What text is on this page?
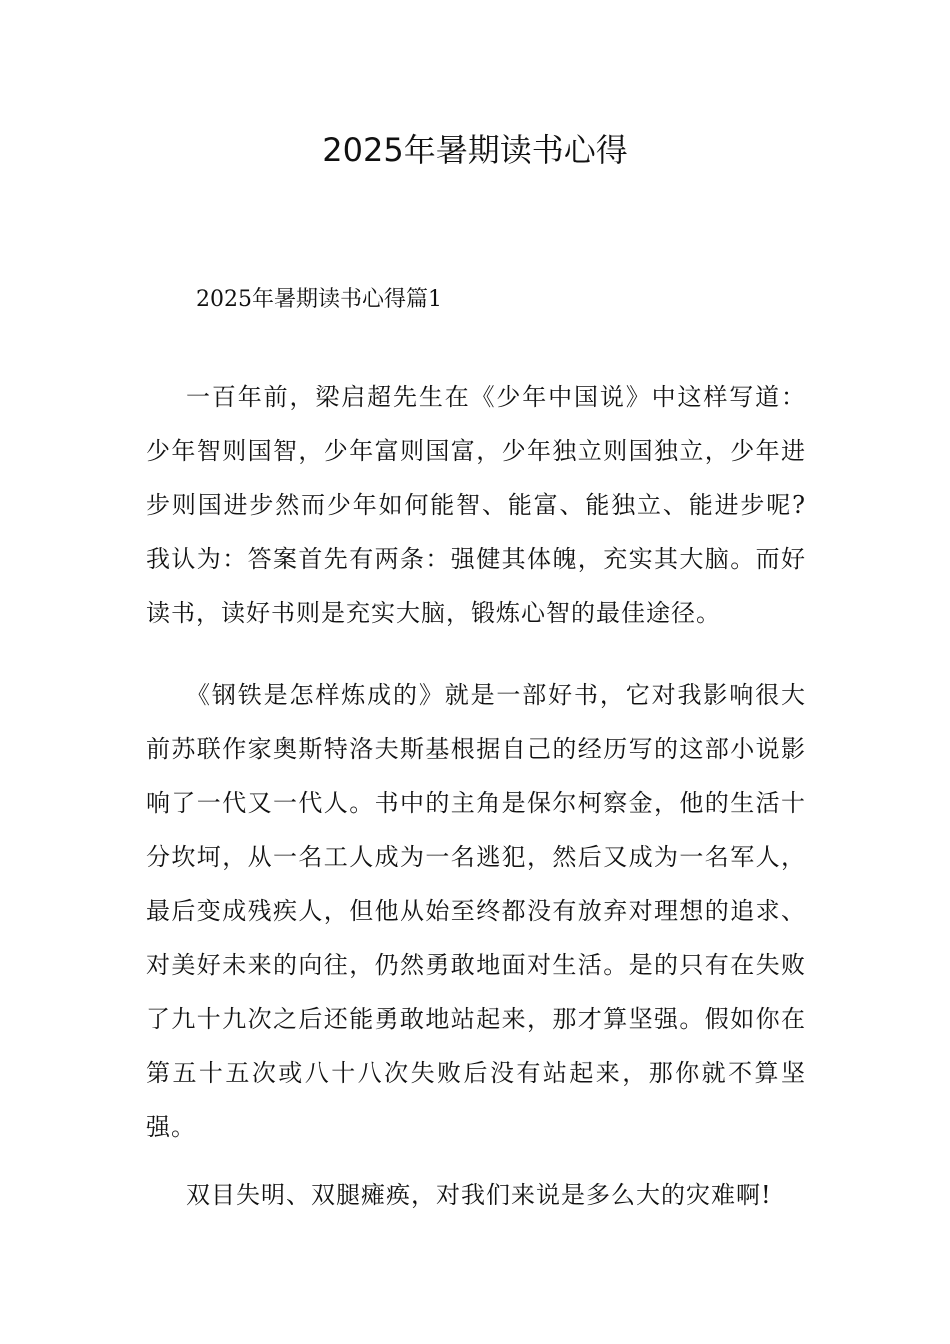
2025年暑期读书心得
2025年暑期读书心得篇1

一百年前，梁启超先生在《少年中国说》中这样写道：少年智则国智，少年富则国富，少年独立则国独立，少年进步则国进步然而少年如何能智、能富、能独立、能进步呢?我认为：答案首先有两条：强健其体魄，充实其大脑。而好读书，读好书则是充实大脑，锻炼心智的最佳途径。

《钢铁是怎样炼成的》就是一部好书，它对我影响很大前苏联作家奥斯特洛夫斯基根据自己的经历写的这部小说影响了一代又一代人。书中的主角是保尔柯察金，他的生活十分坎坷，从一名工人成为一名逃犯，然后又成为一名军人，最后变成残疾人，但他从始至终都没有放弃对理想的追求、对美好未来的向往，仍然勇敢地面对生活。是的只有在失败了九十九次之后还能勇敢地站起来，那才算坚强。假如你在第五十五次或八十八次失败后没有站起来，那你就不算坚强。

双目失明、双腿瘫痪，对我们来说是多么大的灾难啊!
